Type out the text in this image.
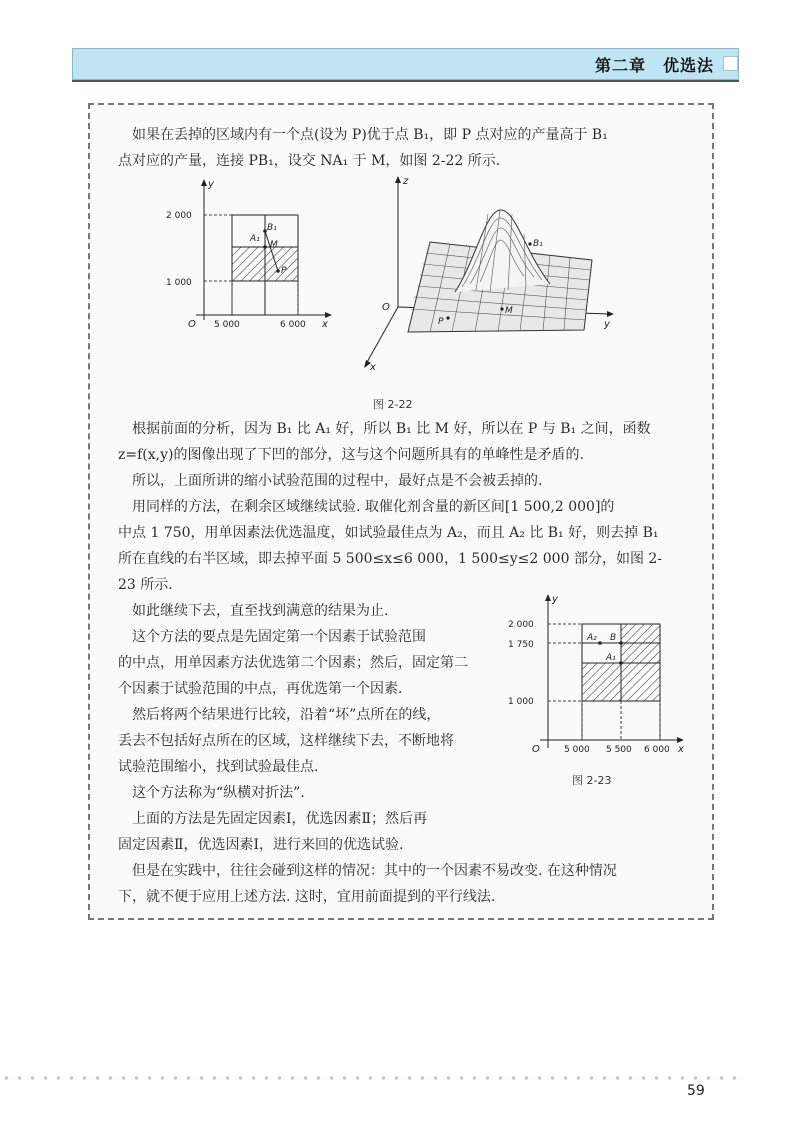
第二章　优选法
　如果在丢掉的区域内有一个点(设为 P)优于点 B₁，即 P 点对应的产量高于 B₁
点对应的产量，连接 PB₁，设交 NA₁ 于 M，如图 2-22 所示.
y
x
O
B₁
A₁
M
P
2 000
1 000
5 000	6 000
z
y
x
O
B₁
P
M
图 2-22
　根据前面的分析，因为 B₁ 比 A₁ 好，所以 B₁ 比 M 好，所以在 P 与 B₁ 之间，函数
z=f(x,y)的图像出现了下凹的部分，这与这个问题所具有的单峰性是矛盾的.
　所以，上面所讲的缩小试验范围的过程中，最好点是不会被丢掉的.
　用同样的方法，在剩余区域继续试验. 取催化剂含量的新区间[1 500,2 000]的
中点 1 750，用单因素法优选温度，如试验最佳点为 A₂，而且 A₂ 比 B₁ 好，则去掉 B₁
所在直线的右半区域，即去掉平面 5 500≤x≤6 000，1 500≤y≤2 000 部分，如图 2-
23 所示.
　如此继续下去，直至找到满意的结果为止.
　这个方法的要点是先固定第一个因素于试验范围
的中点，用单因素方法优选第二个因素；然后，固定第二
个因素于试验范围的中点，再优选第一个因素.
　然后将两个结果进行比较，沿着“坏”点所在的线，
丢去不包括好点所在的区域，这样继续下去，不断地将
试验范围缩小，找到试验最佳点.
　这个方法称为“纵横对折法”.
　上面的方法是先固定因素Ⅰ，优选因素Ⅱ；然后再
固定因素Ⅱ，优选因素Ⅰ，进行来回的优选试验.
　但是在实践中，往往会碰到这样的情况：其中的一个因素不易改变. 在这种情况
下，就不便于应用上述方法. 这时，宜用前面提到的平行线法.
y
x
O
A₂ B
A₁
2 000
1 750
1 000
5 000 5 500 6 000
图 2-23
59
